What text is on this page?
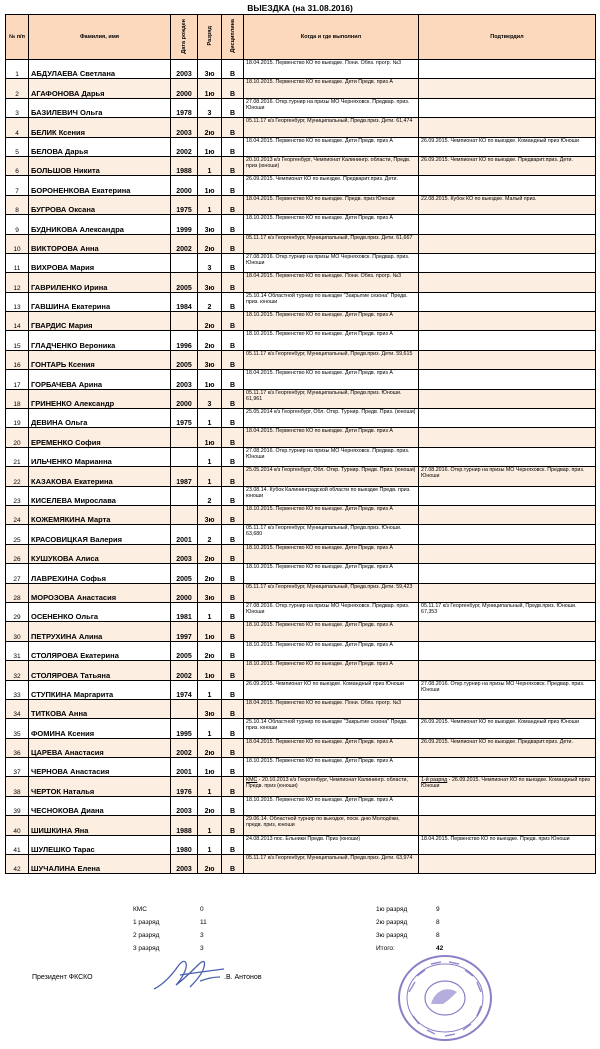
ВЫЕЗДКА (на 31.08.2016)
№ п/п	Фамилия, имя	Дата рожден	Разряд	Дисциплина	Когда и где выполнил	Подтвердил
1	АБДУЛАЕВА Светлана	2003	3ю	В	18.04.2015. Первенство КО по выездке. Пони. Обяз. прогр. №3	
2	АГАФОНОВА Дарья	2000	1ю	В	18.10.2015. Первенство КО по выездке. Дети Предв. приз А	
3	БАЗИЛЕВИЧ Ольга	1978	3	В	27.08.2016. Откр.турнир на призы МО Черняховск. Предвар. приз. Юноши	
4	БЕЛИК Ксения	2003	2ю	В	05.11.17 к/з Георгенбург, Муниципальный, Предв.приз. Дети. 61,474	
5	БЕЛОВА Дарья	2002	1ю	В	18.04.2015. Первенство КО по выездке. Дети Предв. приз А	26.09.2015. Чемпионат КО по выездке. Командный приз Юноши
6	БОЛЬШОВ Никита	1988	1	В	20.10.2013 к/з Георгенбург, Чемпионат Калинингр. области, Предв. приз (юноши)	26.09.2015. Чемпионат КО по выездке. Предварит.приз. Дети.
7	БОРОНЕНКОВА Екатерина	2000	1ю	В	26.09.2015. Чемпионат КО по выездке. Предварит.приз. Дети.	
8	БУГРОВА Оксана	1975	1	В	18.04.2015. Первенство КО по выездке. Предв. приз Юноши	22.08.2015. Кубок КО по выездке. Малый приз.
9	БУДНИКОВА Александра	1999	3ю	В	18.10.2015. Первенство КО по выездке. Дети Предв. приз А	
10	ВИКТОРОВА Анна	2002	2ю	В	05.11.17 к/з Георгенбург, Муниципальный, Предв.приз. Дети. 61,667	
11	ВИХРОВА Мария		3	В	27.08.2016. Откр.турнир на призы МО Черняховск. Предвар. приз. Юноши	
12	ГАВРИЛЕНКО Ирина	2005	3ю	В	18.04.2015. Первенство КО по выездке. Пони. Обяз. прогр. №3	
13	ГАВШИНА Екатерина	1984	2	В	25.10.14 Областной турнир по выездке "Закрытие сезона" Предв. приз. юноши	
14	ГВАРДИС Мария		2ю	В	18.10.2015. Первенство КО по выездке. Дети Предв. приз А	
15	ГЛАДЧЕНКО Вероника	1996	2ю	В	18.10.2015. Первенство КО по выездке. Дети Предв. приз А	
16	ГОНТАРЬ Ксения	2005	3ю	В	05.11.17 к/з Георгенбург, Муниципальный, Предв.приз. Дети. 59,615	
17	ГОРБАЧЕВА Арина	2003	1ю	В	18.04.2015. Первенство КО по выездке. Дети Предв. приз А	
18	ГРИНЕНКО Александр	2000	3	В	05.11.17 к/з Георгенбург, Муниципальный, Предв.приз. Юноши. 61,961	
19	ДЕВИНА Ольга	1975	1	В	25.05.2014 к/з Георгенбург, Обл. Откр. Турнир. Предв. Приз. (юноши)	
20	ЕРЕМЕНКО София		1ю	В	18.04.2015. Первенство КО по выездке. Дети Предв. приз А	
21	ИЛЬЧЕНКО Марианна		1	В	27.08.2016. Откр.турнир на призы МО Черняховск. Предвар. приз. Юноши	
22	КАЗАКОВА Екатерина	1987	1	В	25.05.2014 к/з Георгенбург, Обл. Откр. Турнир. Предв. Приз. (юноши)	27.08.2016. Откр.турнир на призы МО Черняховск. Предвар. приз. Юноши
23	КИСЕЛЕВА Мирослава		2	В	23.08.14. Кубок Калининградской области по выездке Предв. приз. юноши	
24	КОЖЕМЯКИНА Марта		3ю	В	18.10.2015. Первенство КО по выездке. Дети Предв. приз А	
25	КРАСОВИЦКАЯ Валерия	2001	2	В	05.11.17 к/з Георгенбург, Муниципальный, Предв.приз. Юноши. 63,680	
26	КУШУКОВА Алиса	2003	2ю	В	18.10.2015. Первенство КО по выездке. Дети Предв. приз А	
27	ЛАВРЕХИНА Софья	2005	2ю	В	18.10.2015. Первенство КО по выездке. Дети Предв. приз А	
28	МОРОЗОВА Анастасия	2000	3ю	В	05.11.17 к/з Георгенбург, Муниципальный, Предв.приз. Дети. 59,423	
29	ОСЕНЕНКО Ольга	1981	1	В	27.08.2016. Откр.турнир на призы МО Черняховск. Предвар. приз. Юноши	05.11.17 к/з Георгенбург, Муниципальный, Предв.приз. Юноши. 67,353
30	ПЕТРУХИНА Алина	1997	1ю	В	18.10.2015. Первенство КО по выездке. Дети Предв. приз А	
31	СТОЛЯРОВА Екатерина	2005	2ю	В	18.10.2015. Первенство КО по выездке. Дети Предв. приз А	
32	СТОЛЯРОВА Татьяна	2002	1ю	В	18.10.2015. Первенство КО по выездке. Дети Предв. приз А	
33	СТУПКИНА Маргарита	1974	1	В	26.09.2015. Чемпионат КО по выездке. Командный приз Юноши	27.08.2016. Откр.турнир на призы МО Черняховск. Предвар. приз. Юноши
34	ТИТКОВА Анна		3ю	В	18.04.2015. Первенство КО по выездке. Пони. Обяз. прогр. №3	
35	ФОМИНА Ксения	1995	1	В	25.10.14 Областной турнир по выездке "Закрытие сезона" Предв. приз. юноши	26.09.2015. Чемпионат КО по выездке. Командный приз Юноши
36	ЦАРЕВА Анастасия	2002	2ю	В	18.04.2015. Первенство КО по выездке. Дети Предв. приз А	26.09.2015. Чемпионат КО по выездке. Предварит.приз. Дети.
37	ЧЕРНОВА Анастасия	2001	1ю	В	18.10.2015. Первенство КО по выездке. Дети Предв. приз А	
38	ЧЕРТОК Наталья	1976	1	В	КМС - 20.10.2013 к/з Георгенбург, Чемпионат Калинингр. области, Предв. приз (юноши)	1-й разряд - 26.09.2015. Чемпионат КО по выездке. Командный приз Юноши
39	ЧЕСНОКОВА Диана	2003	2ю	В	18.10.2015. Первенство КО по выездке. Дети Предв. приз А	
40	ШИШКИНА Яна	1988	1	В	29.06.14. Областной турнир по выездке, посв. дню Молодёжи, предв. приз, юноши	
41	ШУЛЕШКО Тарас	1980	1	В	24.08.2013 пос. Ельники Предв. Приз (юноши)	18.04.2015. Первенство КО по выездке. Предв. приз Юноши
42	ШУЧАЛИНА Елена	2003	2ю	В	05.11.17 к/з Георгенбург, Муниципальный, Предв.приз. Дети. 63,974	
КМС	0
1 разряд	11
2 разряд	3
3 разряд	3
1ю разряд	9
2ю разряд	8
3ю разряд	8
Итого:	42
Президент ФКСКО	.В. Антонов
